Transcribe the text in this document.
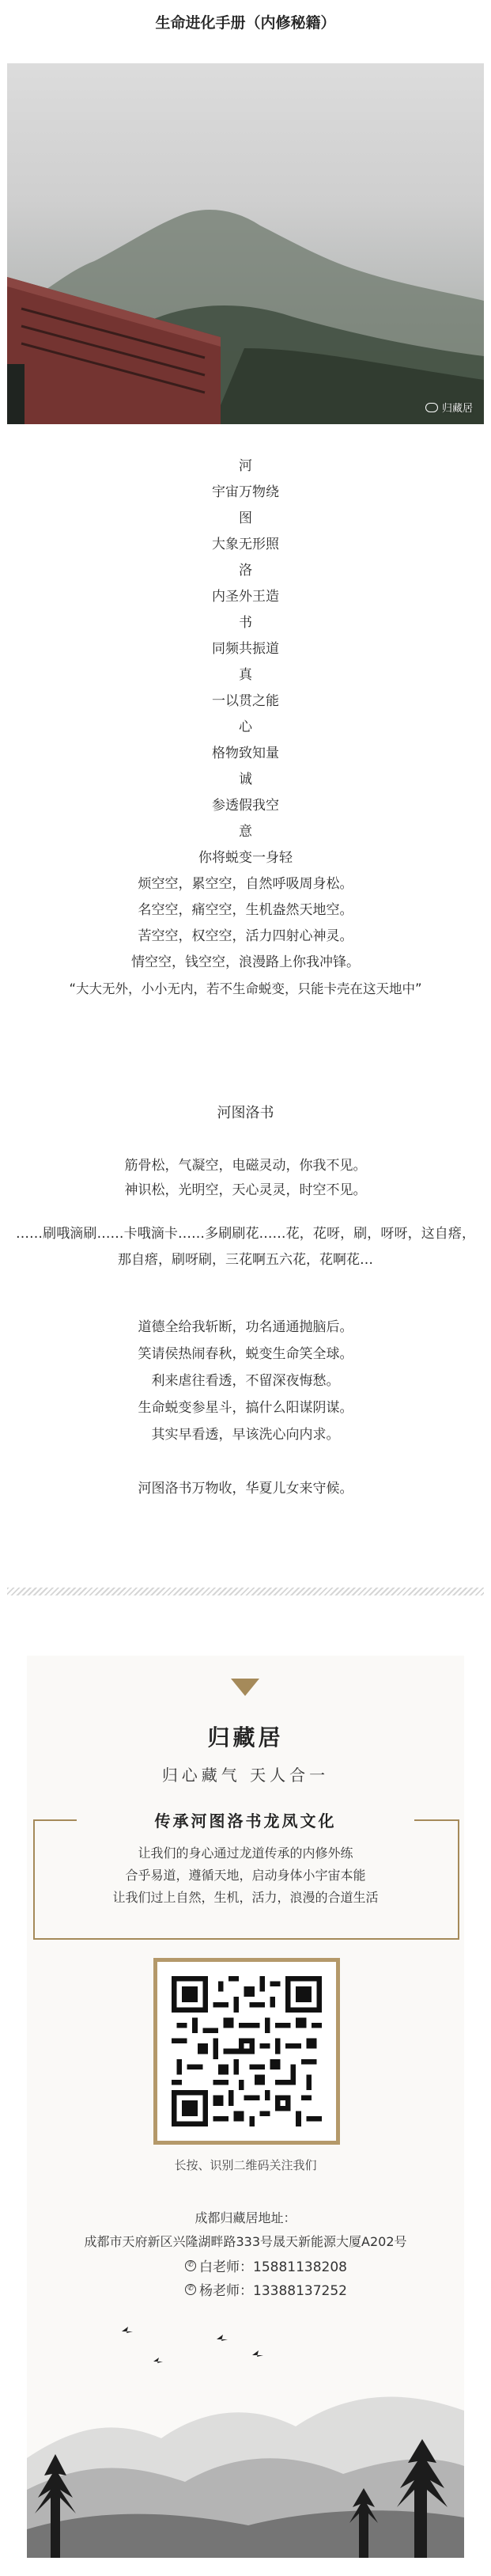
生命进化手册（内修秘籍）
归藏居
河
宇宙万物绕
图
大象无形照
洛
内圣外王造
书
同频共振道
真
一以贯之能
心
格物致知量
诚
参透假我空
意
你将蜕变一身轻
烦空空，累空空，自然呼吸周身松。
名空空，痛空空，生机盎然天地空。
苦空空，权空空，活力四射心神灵。
情空空，钱空空，浪漫路上你我冲锋。
“大大无外，小小无内，若不生命蜕变，只能卡壳在这天地中”
河图洛书
筋骨松，气凝空，电磁灵动，你我不见。
神识松，光明空，天心灵灵，时空不见。
……刷哦滴刷……卡哦滴卡……多刷刷花……花，花呀，刷，呀呀，这自瘩，那自瘩，刷呀刷，三花啊五六花，花啊花…
道德全给我斩断，功名通通抛脑后。
笑请侯热闹春秋，蜕变生命笑全球。
利来虐往看透，不留深夜悔愁。
生命蜕变参星斗，搞什么阳谋阴谋。
其实早看透，早该洗心向内求。
河图洛书万物收，华夏儿女来守候。
归藏居
归心藏气 天人合一
传承河图洛书龙凤文化
让我们的身心通过龙道传承的内修外练
合乎易道，遵循天地，启动身体小宇宙本能
让我们过上自然，生机，活力，浪漫的合道生活
长按、识别二维码关注我们
成都归藏居地址：
成都市天府新区兴隆湖畔路333号晟天新能源大厦A202号
✆ 白老师：15881138208
✆ 杨老师：13388137252
